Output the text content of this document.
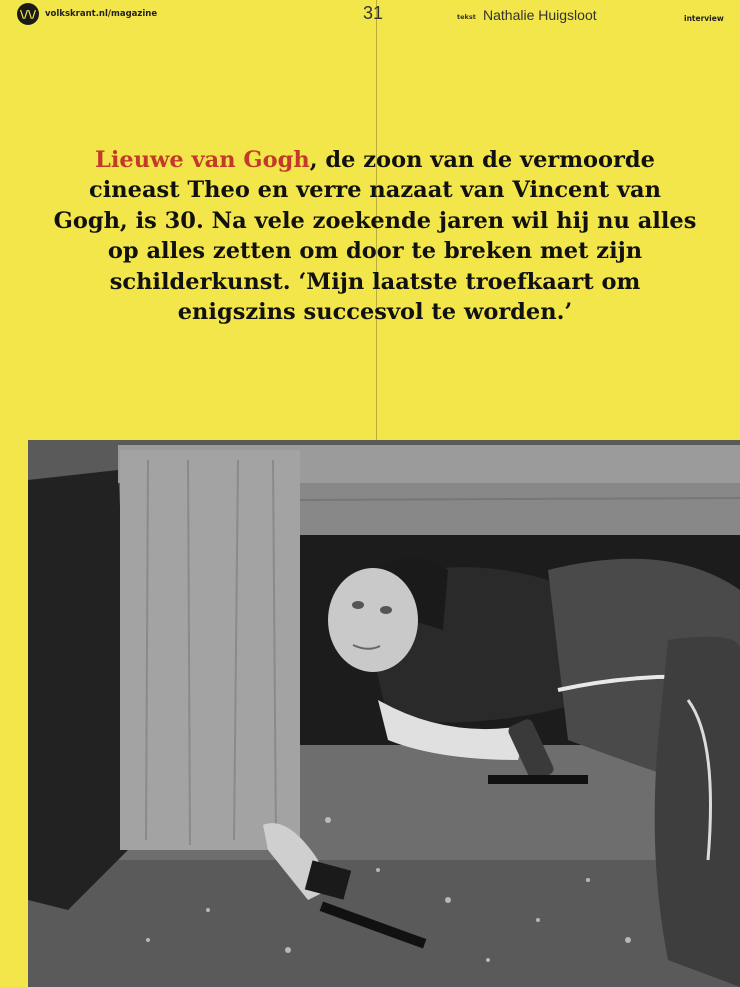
\/\/	volkskrant.nl/magazine	31	tekst Nathalie Huigsloot	interview

Lieuwe van Gogh, de zoon van de vermoorde cineast Theo en verre nazaat van Vincent van Gogh, is 30. Na vele zoekende jaren wil hij nu alles op alles zetten om door te breken met zijn schilderkunst. ‘Mijn laatste troefkaart om enigszins succesvol te worden.’
